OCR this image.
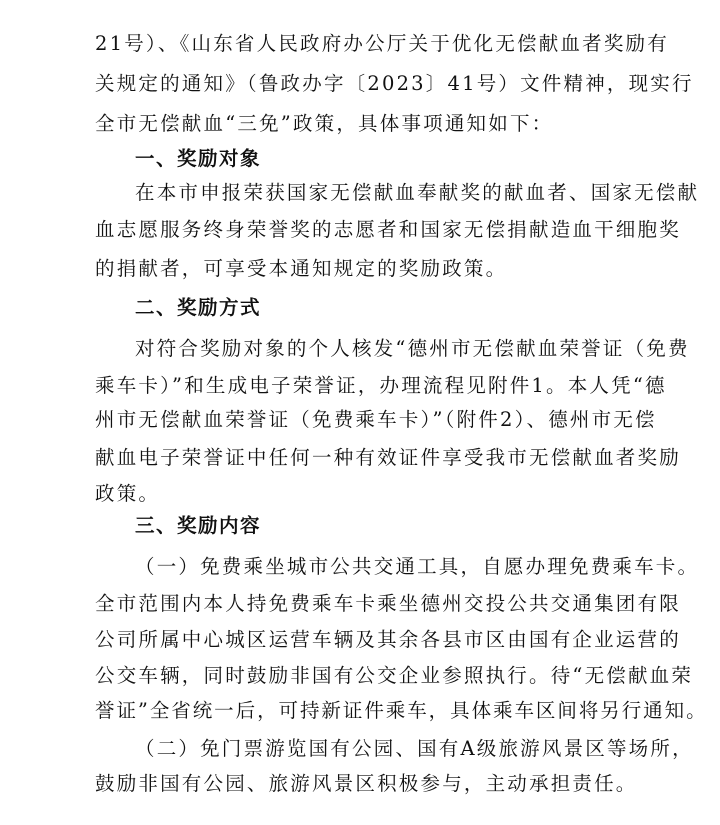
21号）、《山东省人民政府办公厅关于优化无偿献血者奖励有
关规定的通知》（鲁政办字〔2023〕41号）文件精神，现实行
全市无偿献血“三免”政策，具体事项通知如下：
一、奖励对象
在本市申报荣获国家无偿献血奉献奖的献血者、国家无偿献
血志愿服务终身荣誉奖的志愿者和国家无偿捐献造血干细胞奖
的捐献者，可享受本通知规定的奖励政策。
二、奖励方式
对符合奖励对象的个人核发“德州市无偿献血荣誉证（免费
乘车卡）”和生成电子荣誉证，办理流程见附件1。本人凭“德
州市无偿献血荣誉证（免费乘车卡）”（附件2）、德州市无偿
献血电子荣誉证中任何一种有效证件享受我市无偿献血者奖励
政策。
三、奖励内容
（一）免费乘坐城市公共交通工具，自愿办理免费乘车卡。
全市范围内本人持免费乘车卡乘坐德州交投公共交通集团有限
公司所属中心城区运营车辆及其余各县市区由国有企业运营的
公交车辆，同时鼓励非国有公交企业参照执行。待“无偿献血荣
誉证”全省统一后，可持新证件乘车，具体乘车区间将另行通知。
（二）免门票游览国有公园、国有A级旅游风景区等场所，
鼓励非国有公园、旅游风景区积极参与，主动承担责任。
